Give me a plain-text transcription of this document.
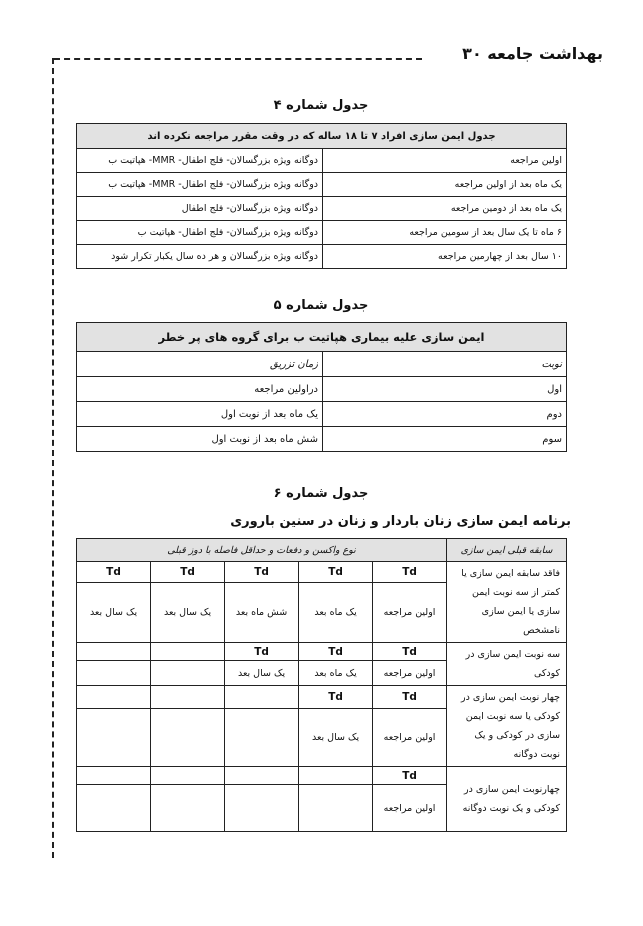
بهداشت جامعه ۳۰
جدول شماره ۴
جدول ایمن سازی افراد ۷ تا ۱۸ ساله که در وقت مقرر مراجعه نکرده اند	
اولین مراجعه	دوگانه ویژه بزرگسالان- فلج اطفال- MMR- هپاتیت ب
یک ماه بعد از اولین مراجعه	دوگانه ویژه بزرگسالان- فلج اطفال- MMR- هپاتیت ب
یک ماه بعد از دومین مراجعه	دوگانه ویژه بزرگسالان- فلج اطفال
۶ ماه تا یک سال بعد از سومین مراجعه	دوگانه ویژه بزرگسالان- فلج اطفال- هپاتیت ب
۱۰ سال بعد از چهارمین مراجعه	دوگانه ویژه بزرگسالان و هر ده سال یکبار تکرار شود
جدول شماره ۵
ایمن سازی علیه بیماری هپاتیت ب برای گروه های پر خطر	
نوبت	زمان تزریق
اول	دراولین مراجعه
دوم	یک ماه بعد از نوبت اول
سوم	شش ماه بعد از نوبت اول
جدول شماره ۶
برنامه ایمن سازی زنان باردار و زنان در سنین باروری
سابقه قبلی ایمن سازی	نوع واکسن و دفعات و حداقل فاصله با دوز قبلی				
فاقد سابقه ایمن سازی یا کمتر از سه نوبت ایمن سازی یا ایمن سازی نامشخص	Td	Td	Td	Td	Td
	اولین مراجعه	یک ماه بعد	شش ماه بعد	یک سال بعد	یک سال بعد
سه نوبت ایمن سازی در کودکی	Td	Td	Td		
	اولین مراجعه	یک ماه بعد	یک سال بعد		
چهار نوبت ایمن سازی در کودکی یا سه نوبت ایمن سازی در کودکی و یک نوبت دوگانه	Td	Td			
	اولین مراجعه	یک سال بعد			
چهارنوبت ایمن سازی در کودکی و یک نوبت دوگانه	Td				
	اولین مراجعه				
